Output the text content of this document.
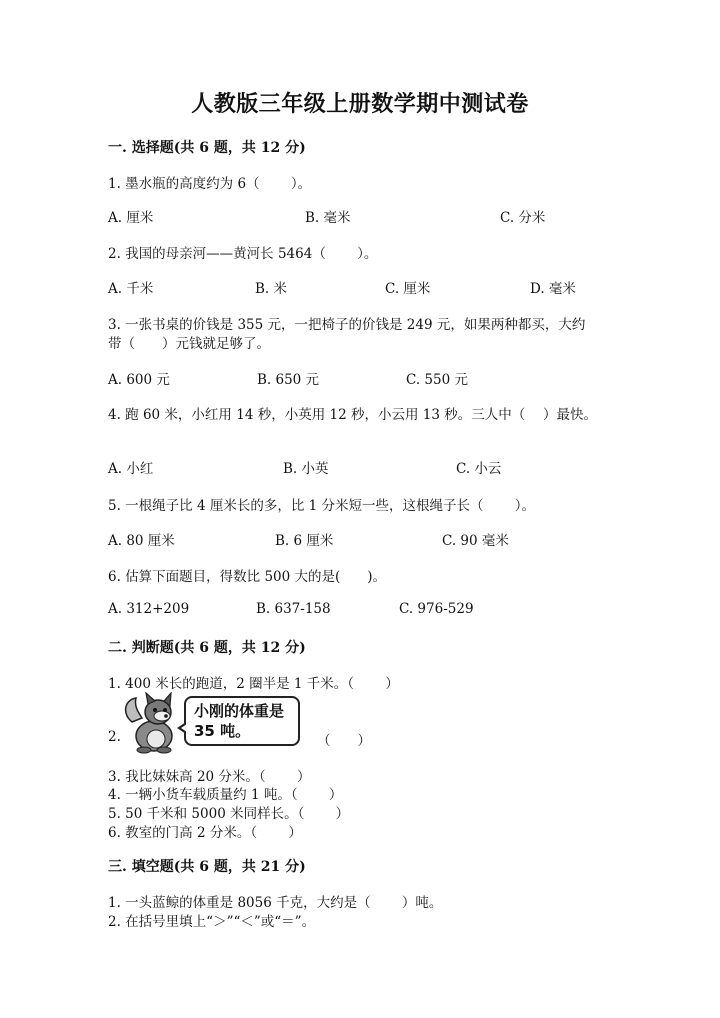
人教版三年级上册数学期中测试卷
一. 选择题(共 6 题，共 12 分)
1. 墨水瓶的高度约为 6（　　 ）。
A. 厘米	B. 毫米	C. 分米
2. 我国的母亲河——黄河长 5464（　　 ）。
A. 千米	B. 米	C. 厘米	D. 毫米
3. 一张书桌的价钱是 355 元，一把椅子的价钱是 249 元，如果两种都买，大约
带（　　）元钱就足够了。
A. 600 元	B. 650 元	C. 550 元
4. 跑 60 米，小红用 14 秒，小英用 12 秒，小云用 13 秒。三人中（　 ）最快。
A. 小红	B. 小英	C. 小云
5. 一根绳子比 4 厘米长的多，比 1 分米短一些，这根绳子长（　　 ）。
A. 80 厘米	B. 6 厘米	C. 90 毫米
6. 估算下面题目，得数比 500 大的是(　　)。
A. 312+209	B. 637-158	C. 976-529
二. 判断题(共 6 题，共 12 分)
1. 400 米长的跑道，2 圈半是 1 千米。（　　 ）
2.
小刚的体重是
35 吨。
（　　）
3. 我比妹妹高 20 分米。（　　 ）
4. 一辆小货车载质量约 1 吨。（　　 ）
5. 50 千米和 5000 米同样长。（　　 ）
6. 教室的门高 2 分米。（　　 ）
三. 填空题(共 6 题，共 21 分)
1. 一头蓝鲸的体重是 8056 千克，大约是（　　 ）吨。
2. 在括号里填上“＞”“＜”或“＝”。
